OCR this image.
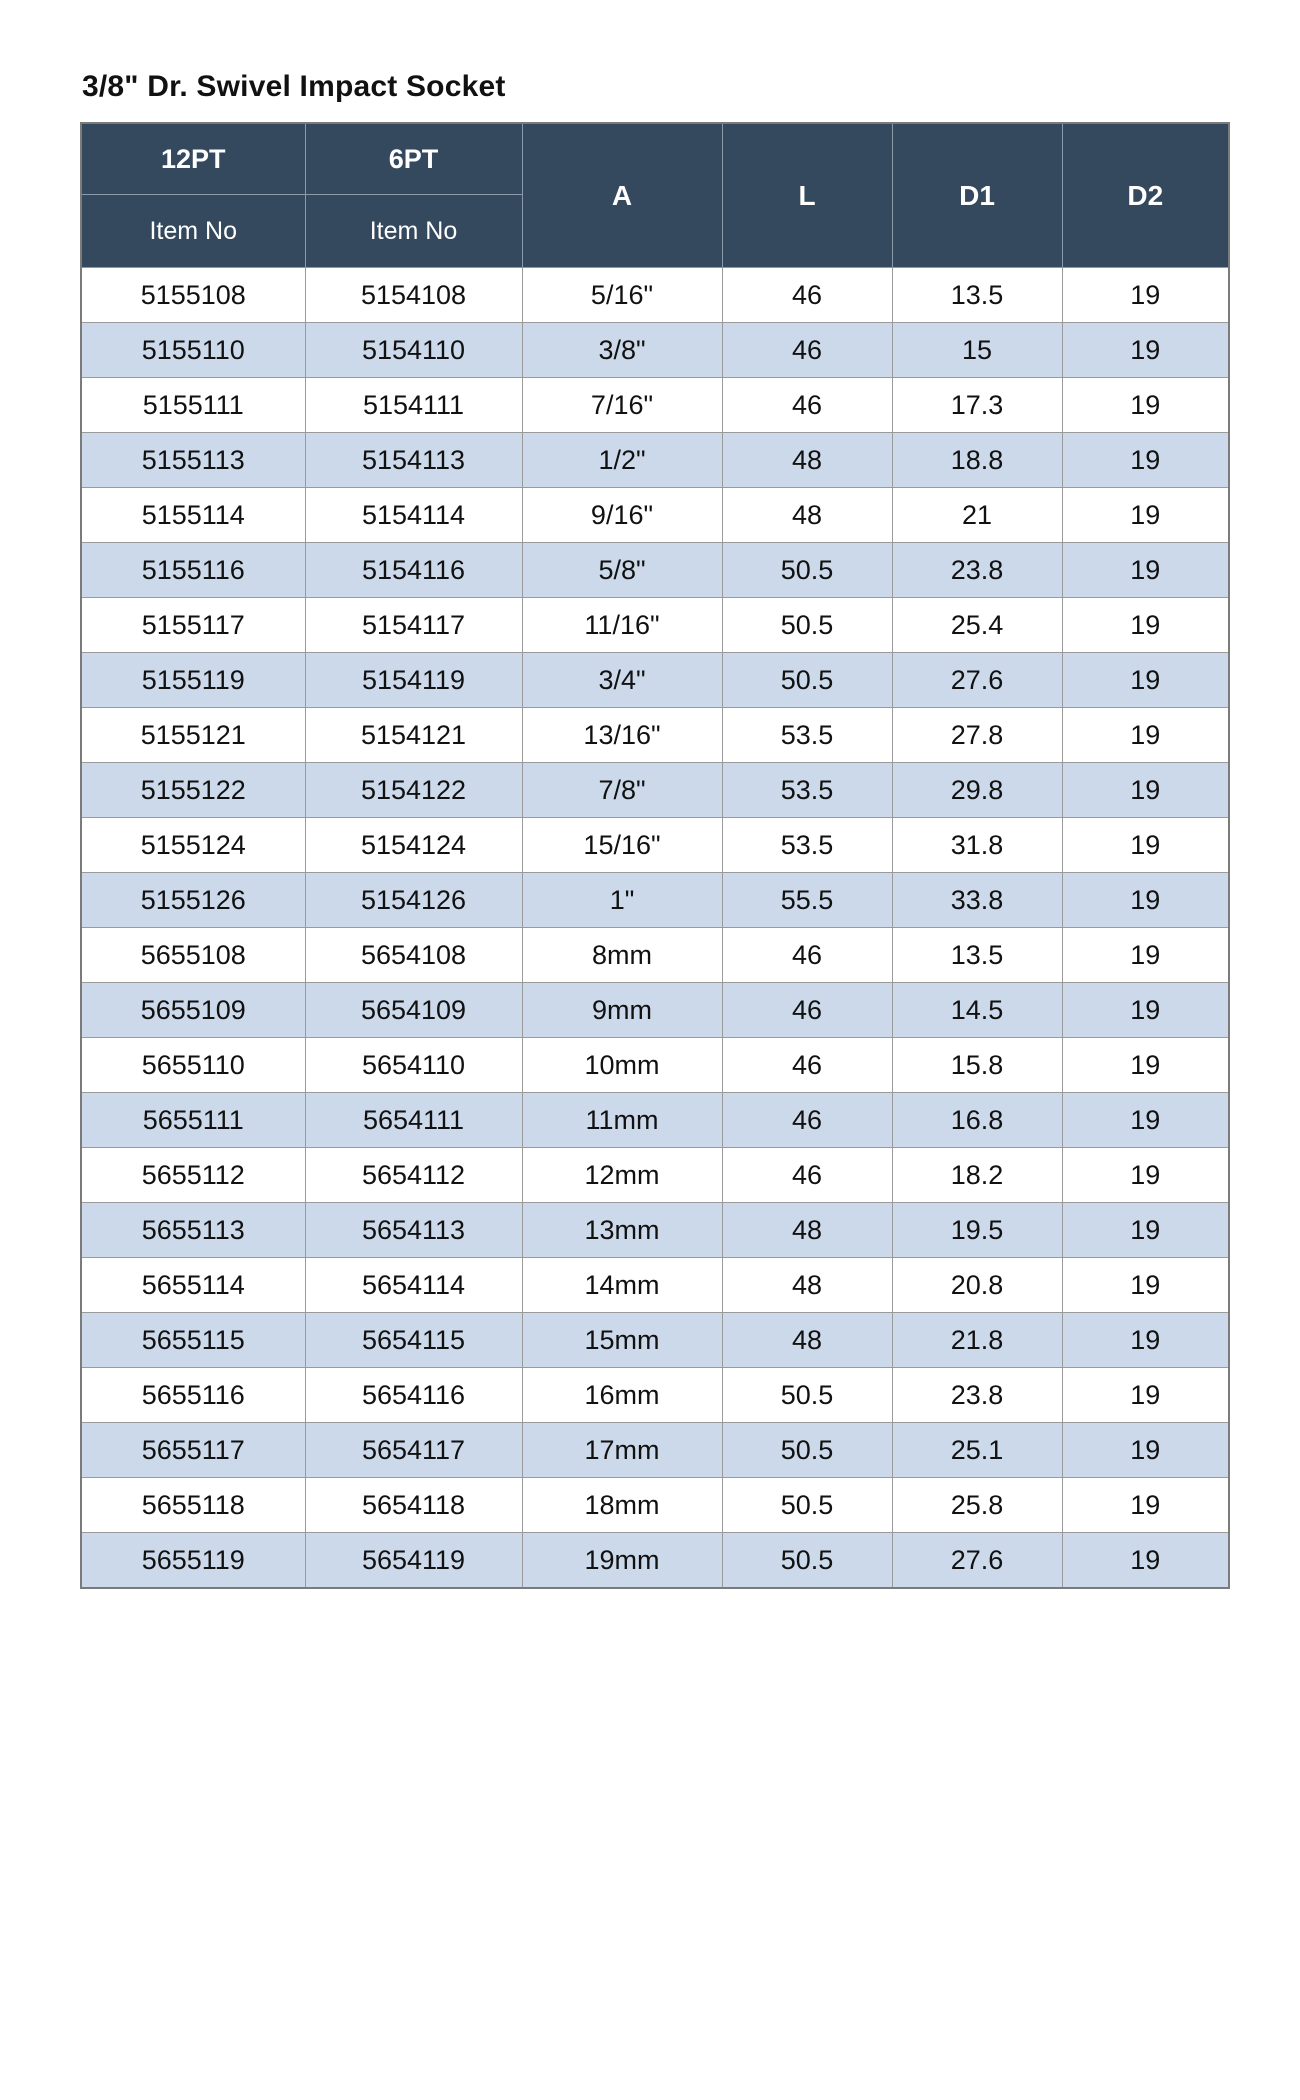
3/8" Dr. Swivel Impact Socket
12PT	6PT	A	L	D1	D2
Item No	Item No				
5155108	5154108	5/16"	46	13.5	19
5155110	5154110	3/8"	46	15	19
5155111	5154111	7/16"	46	17.3	19
5155113	5154113	1/2"	48	18.8	19
5155114	5154114	9/16"	48	21	19
5155116	5154116	5/8"	50.5	23.8	19
5155117	5154117	11/16"	50.5	25.4	19
5155119	5154119	3/4"	50.5	27.6	19
5155121	5154121	13/16"	53.5	27.8	19
5155122	5154122	7/8"	53.5	29.8	19
5155124	5154124	15/16"	53.5	31.8	19
5155126	5154126	1"	55.5	33.8	19
5655108	5654108	8mm	46	13.5	19
5655109	5654109	9mm	46	14.5	19
5655110	5654110	10mm	46	15.8	19
5655111	5654111	11mm	46	16.8	19
5655112	5654112	12mm	46	18.2	19
5655113	5654113	13mm	48	19.5	19
5655114	5654114	14mm	48	20.8	19
5655115	5654115	15mm	48	21.8	19
5655116	5654116	16mm	50.5	23.8	19
5655117	5654117	17mm	50.5	25.1	19
5655118	5654118	18mm	50.5	25.8	19
5655119	5654119	19mm	50.5	27.6	19
